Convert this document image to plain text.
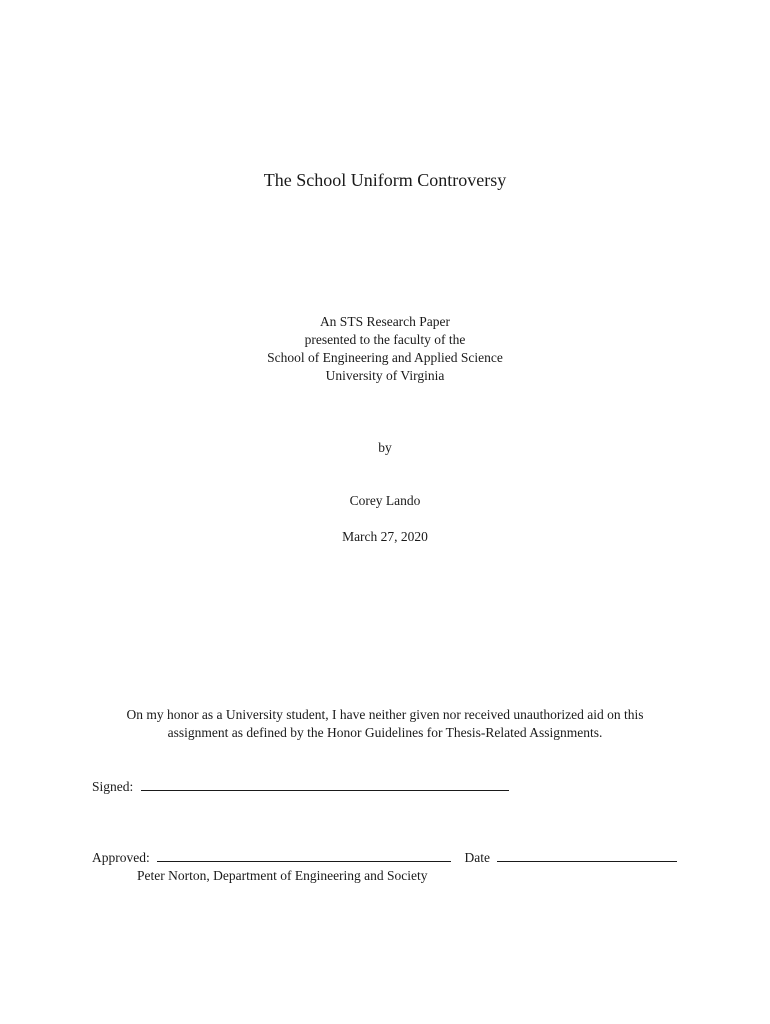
The School Uniform Controversy
An STS Research Paper
presented to the faculty of the
School of Engineering and Applied Science
University of Virginia
by
Corey Lando
March 27, 2020
On my honor as a University student, I have neither given nor received unauthorized aid on this
assignment as defined by the Honor Guidelines for Thesis-Related Assignments.
Signed:
Approved:	Date
Peter Norton, Department of Engineering and Society
